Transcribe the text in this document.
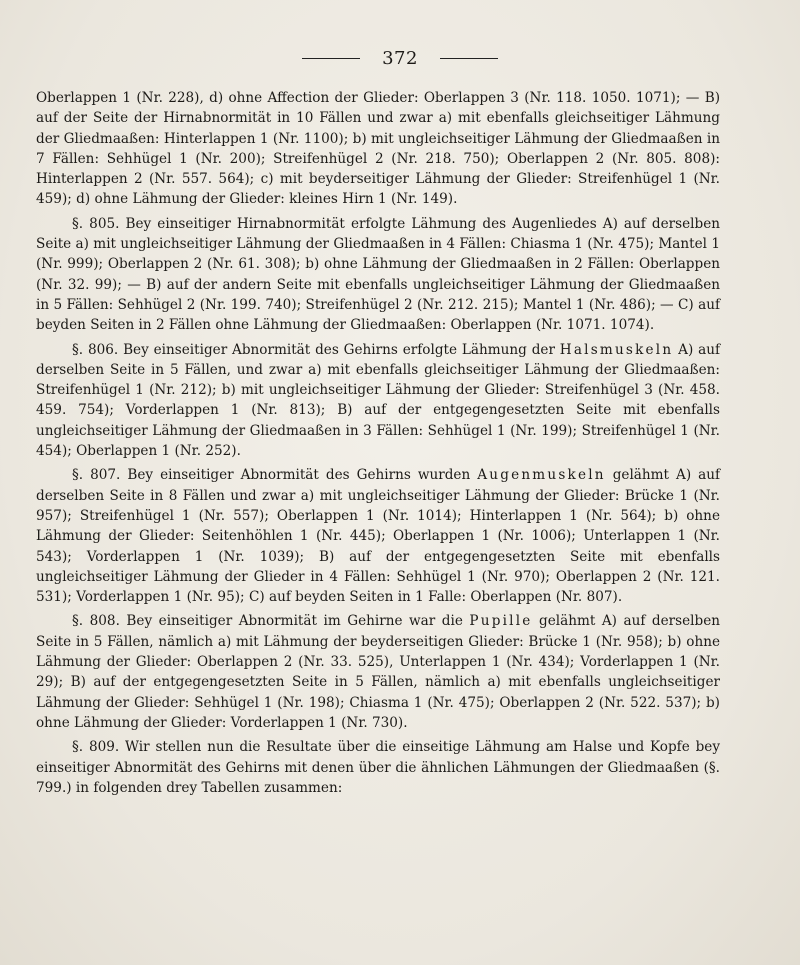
372

Oberlappen 1 (Nr. 228), d) ohne Affection der Glieder: Oberlappen 3 (Nr. 118. 1050. 1071); — B) auf der Seite der Hirnabnormität in 10 Fällen und zwar a) mit ebenfalls gleichseitiger Lähmung der Gliedmaaßen: Hinterlappen 1 (Nr. 1100); b) mit ungleichseitiger Lähmung der Gliedmaaßen in 7 Fällen: Sehhügel 1 (Nr. 200); Streifenhügel 2 (Nr. 218. 750); Oberlappen 2 (Nr. 805. 808): Hinterlappen 2 (Nr. 557. 564); c) mit beyderseitiger Lähmung der Glieder: Streifenhügel 1 (Nr. 459); d) ohne Lähmung der Glieder: kleines Hirn 1 (Nr. 149).

§. 805. Bey einseitiger Hirnabnormität erfolgte Lähmung des Augenliedes A) auf derselben Seite a) mit ungleichseitiger Lähmung der Gliedmaaßen in 4 Fällen: Chiasma 1 (Nr. 475); Mantel 1 (Nr. 999); Oberlappen 2 (Nr. 61. 308); b) ohne Lähmung der Gliedmaaßen in 2 Fällen: Oberlappen (Nr. 32. 99); — B) auf der andern Seite mit ebenfalls ungleichseitiger Lähmung der Gliedmaaßen in 5 Fällen: Sehhügel 2 (Nr. 199. 740); Streifenhügel 2 (Nr. 212. 215); Mantel 1 (Nr. 486); — C) auf beyden Seiten in 2 Fällen ohne Lähmung der Gliedmaaßen: Oberlappen (Nr. 1071. 1074).

§. 806. Bey einseitiger Abnormität des Gehirns erfolgte Lähmung der Halsmuskeln A) auf derselben Seite in 5 Fällen, und zwar a) mit ebenfalls gleichseitiger Lähmung der Gliedmaaßen: Streifenhügel 1 (Nr. 212); b) mit ungleichseitiger Lähmung der Glieder: Streifenhügel 3 (Nr. 458. 459. 754); Vorderlappen 1 (Nr. 813); B) auf der entgegengesetzten Seite mit ebenfalls ungleichseitiger Lähmung der Gliedmaaßen in 3 Fällen: Sehhügel 1 (Nr. 199); Streifenhügel 1 (Nr. 454); Oberlappen 1 (Nr. 252).

§. 807. Bey einseitiger Abnormität des Gehirns wurden Augenmuskeln gelähmt A) auf derselben Seite in 8 Fällen und zwar a) mit ungleichseitiger Lähmung der Glieder: Brücke 1 (Nr. 957); Streifenhügel 1 (Nr. 557); Oberlappen 1 (Nr. 1014); Hinterlappen 1 (Nr. 564); b) ohne Lähmung der Glieder: Seitenhöhlen 1 (Nr. 445); Oberlappen 1 (Nr. 1006); Unterlappen 1 (Nr. 543); Vorderlappen 1 (Nr. 1039); B) auf der entgegengesetzten Seite mit ebenfalls ungleichseitiger Lähmung der Glieder in 4 Fällen: Sehhügel 1 (Nr. 970); Oberlappen 2 (Nr. 121. 531); Vorderlappen 1 (Nr. 95); C) auf beyden Seiten in 1 Falle: Oberlappen (Nr. 807).

§. 808. Bey einseitiger Abnormität im Gehirne war die Pupille gelähmt A) auf derselben Seite in 5 Fällen, nämlich a) mit Lähmung der beyderseitigen Glieder: Brücke 1 (Nr. 958); b) ohne Lähmung der Glieder: Oberlappen 2 (Nr. 33. 525), Unterlappen 1 (Nr. 434); Vorderlappen 1 (Nr. 29); B) auf der entgegengesetzten Seite in 5 Fällen, nämlich a) mit ebenfalls ungleichseitiger Lähmung der Glieder: Sehhügel 1 (Nr. 198); Chiasma 1 (Nr. 475); Oberlappen 2 (Nr. 522. 537); b) ohne Lähmung der Glieder: Vorderlappen 1 (Nr. 730).

§. 809. Wir stellen nun die Resultate über die einseitige Lähmung am Halse und Kopfe bey einseitiger Abnormität des Gehirns mit denen über die ähnlichen Lähmungen der Gliedmaaßen (§. 799.) in folgenden drey Tabellen zusammen:
